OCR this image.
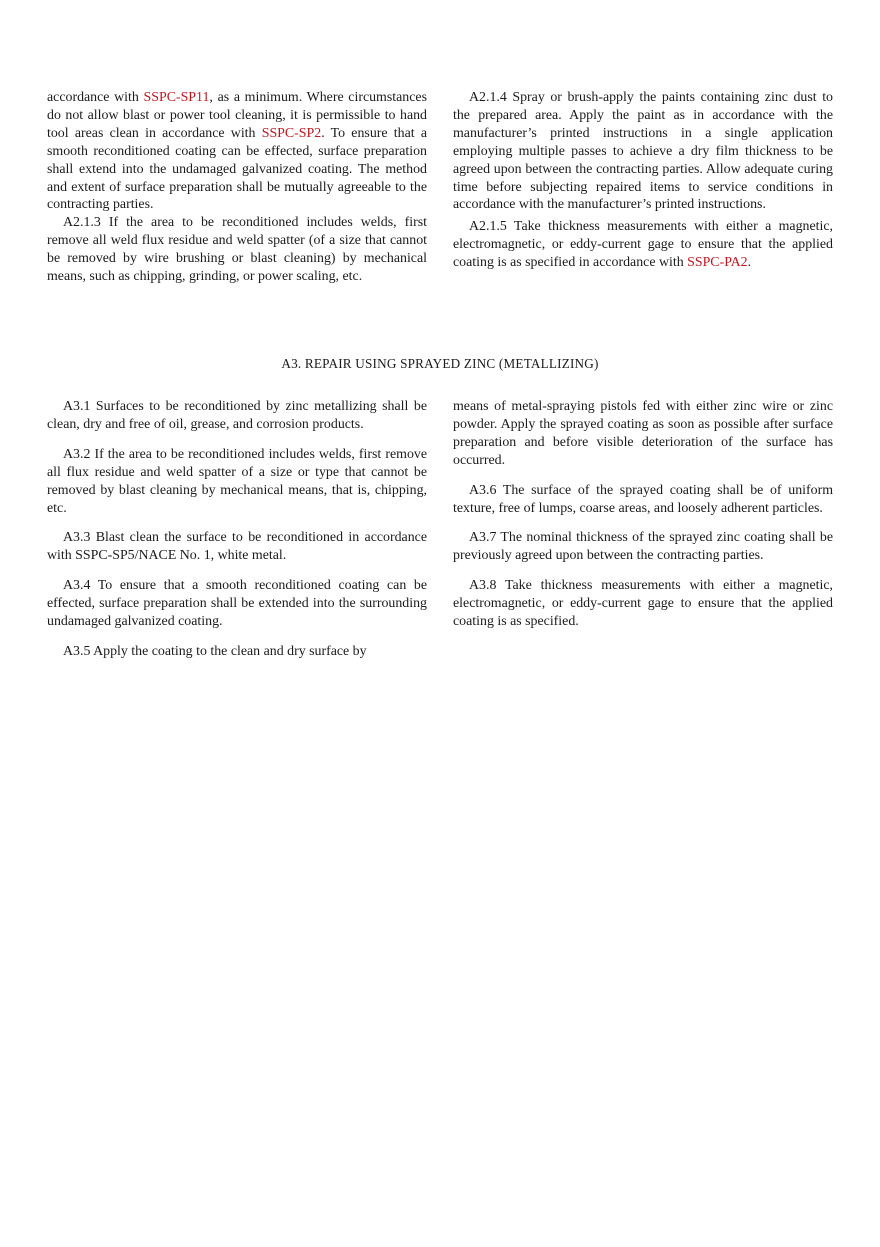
accordance with SSPC-SP11, as a minimum. Where circumstances do not allow blast or power tool cleaning, it is permissible to hand tool areas clean in accordance with SSPC-SP2. To ensure that a smooth reconditioned coating can be effected, surface preparation shall extend into the undamaged galvanized coating. The method and extent of surface preparation shall be mutually agreeable to the contracting parties.

A2.1.3 If the area to be reconditioned includes welds, first remove all weld flux residue and weld spatter (of a size that cannot be removed by wire brushing or blast cleaning) by mechanical means, such as chipping, grinding, or power scaling, etc.

A2.1.4 Spray or brush-apply the paints containing zinc dust to the prepared area. Apply the paint as in accordance with the manufacturer’s printed instructions in a single application employing multiple passes to achieve a dry film thickness to be agreed upon between the contracting parties. Allow adequate curing time before subjecting repaired items to service conditions in accordance with the manufacturer’s printed instructions.

A2.1.5 Take thickness measurements with either a magnetic, electromagnetic, or eddy-current gage to ensure that the applied coating is as specified in accordance with SSPC-PA2.

A3. REPAIR USING SPRAYED ZINC (METALLIZING)

A3.1 Surfaces to be reconditioned by zinc metallizing shall be clean, dry and free of oil, grease, and corrosion products.

A3.2 If the area to be reconditioned includes welds, first remove all flux residue and weld spatter of a size or type that cannot be removed by blast cleaning by mechanical means, that is, chipping, etc.

A3.3 Blast clean the surface to be reconditioned in accordance with SSPC-SP5/NACE No. 1, white metal.

A3.4 To ensure that a smooth reconditioned coating can be effected, surface preparation shall be extended into the surrounding undamaged galvanized coating.

A3.5 Apply the coating to the clean and dry surface by

means of metal-spraying pistols fed with either zinc wire or zinc powder. Apply the sprayed coating as soon as possible after surface preparation and before visible deterioration of the surface has occurred.

A3.6 The surface of the sprayed coating shall be of uniform texture, free of lumps, coarse areas, and loosely adherent particles.

A3.7 The nominal thickness of the sprayed zinc coating shall be previously agreed upon between the contracting parties.

A3.8 Take thickness measurements with either a magnetic, electromagnetic, or eddy-current gage to ensure that the applied coating is as specified.
